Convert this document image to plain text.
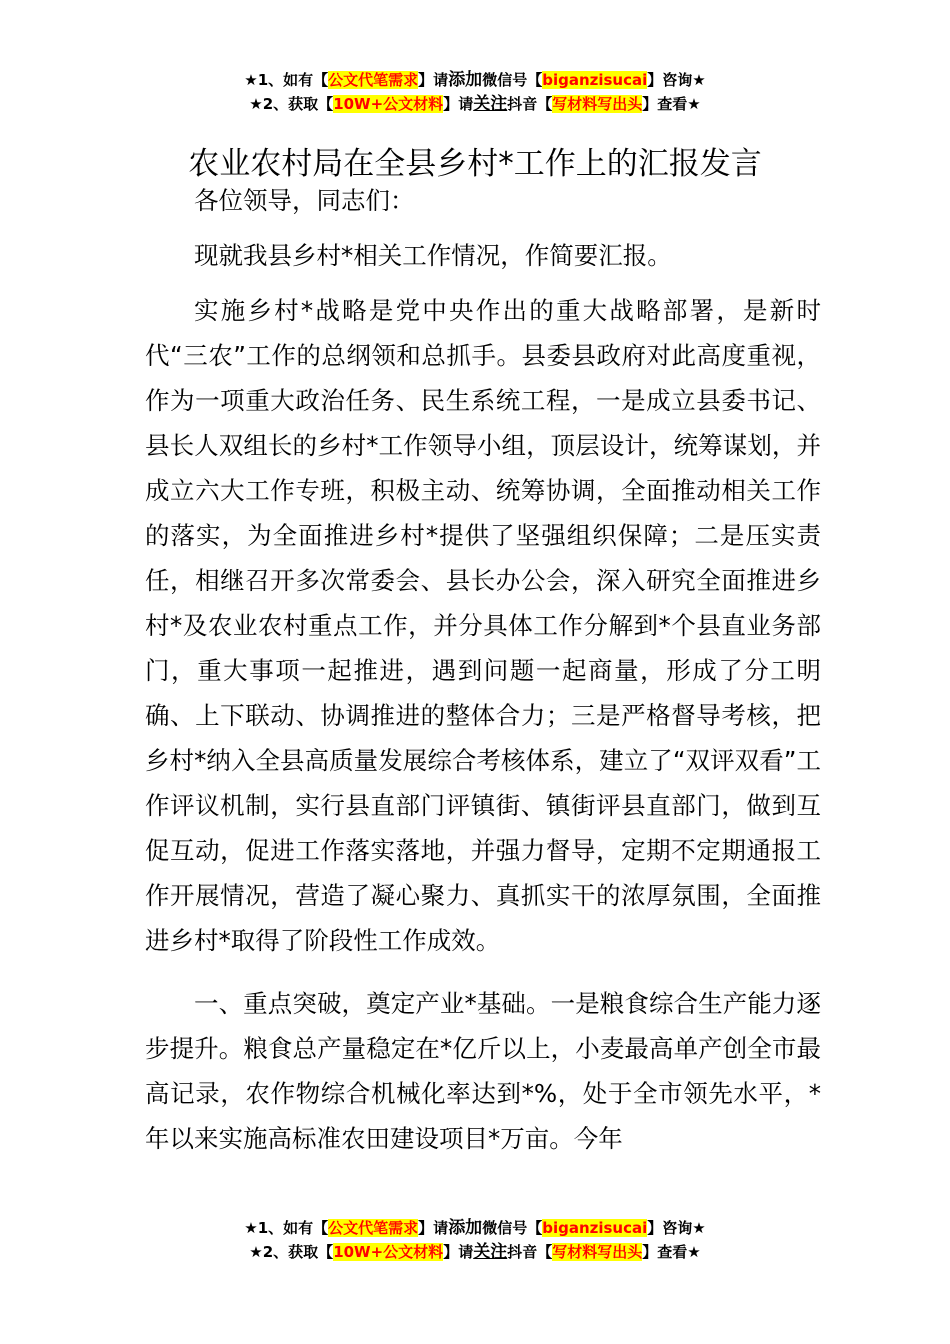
★1、如有【公文代笔需求】请添加微信号【biganzisucai】咨询★
★2、获取【10W+公文材料】请关注抖音【写材料写出头】查看★
农业农村局在全县乡村*工作上的汇报发言

各位领导，同志们：

现就我县乡村*相关工作情况，作简要汇报。

实施乡村*战略是党中央作出的重大战略部署，是新时代“三农”工作的总纲领和总抓手。县委县政府对此高度重视，作为一项重大政治任务、民生系统工程，一是成立县委书记、县长人双组长的乡村*工作领导小组，顶层设计，统筹谋划，并成立六大工作专班，积极主动、统筹协调，全面推动相关工作的落实，为全面推进乡村*提供了坚强组织保障；二是压实责任，相继召开多次常委会、县长办公会，深入研究全面推进乡村*及农业农村重点工作，并分具体工作分解到*个县直业务部门，重大事项一起推进，遇到问题一起商量，形成了分工明确、上下联动、协调推进的整体合力；三是严格督导考核，把乡村*纳入全县高质量发展综合考核体系，建立了“双评双看”工作评议机制，实行县直部门评镇街、镇街评县直部门，做到互促互动，促进工作落实落地，并强力督导，定期不定期通报工作开展情况，营造了凝心聚力、真抓实干的浓厚氛围，全面推进乡村*取得了阶段性工作成效。

一、重点突破，奠定产业*基础。一是粮食综合生产能力逐步提升。粮食总产量稳定在*亿斤以上，小麦最高单产创全市最高记录，农作物综合机械化率达到*%，处于全市领先水平，*年以来实施高标准农田建设项目*万亩。今年

★1、如有【公文代笔需求】请添加微信号【biganzisucai】咨询★
★2、获取【10W+公文材料】请关注抖音【写材料写出头】查看★
